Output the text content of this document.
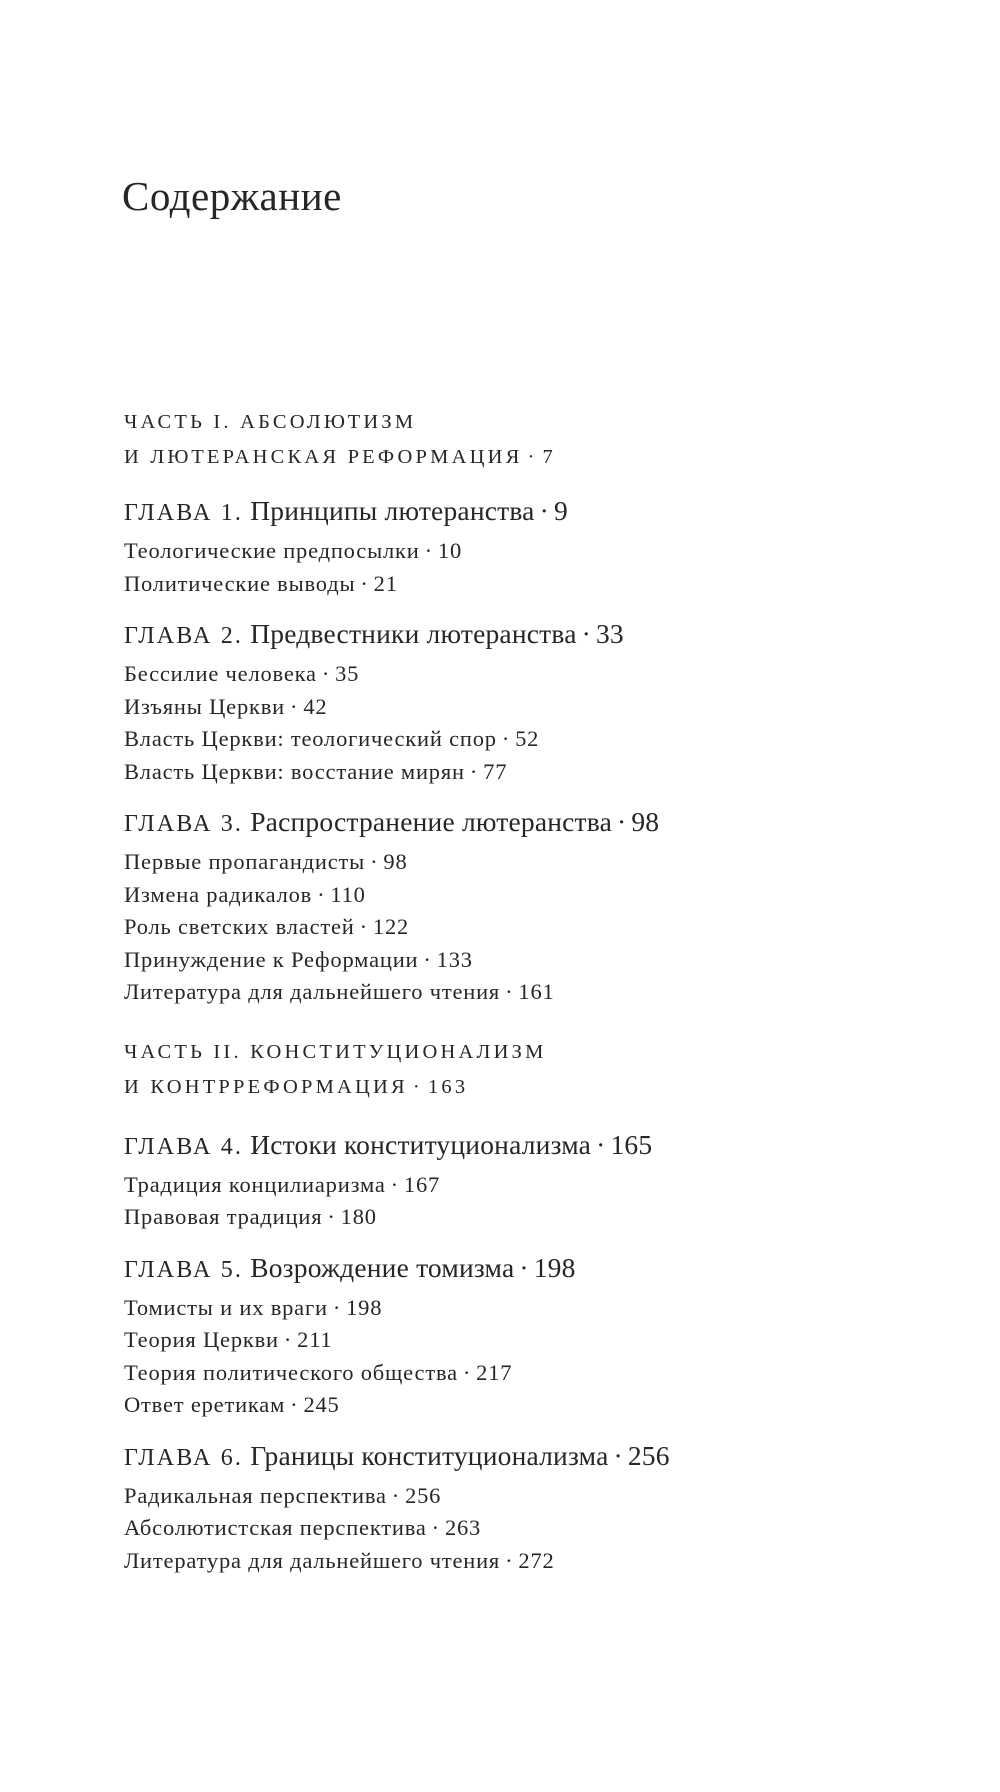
Содержание
ЧАСТЬ I. АБСОЛЮТИЗМ
И ЛЮТЕРАНСКАЯ РЕФОРМАЦИЯ · 7
ГЛАВА 1. Принципы лютеранства · 9
Теологические предпосылки · 10
Политические выводы · 21
ГЛАВА 2. Предвестники лютеранства · 33
Бессилие человека · 35
Изъяны Церкви · 42
Власть Церкви: теологический спор · 52
Власть Церкви: восстание мирян · 77
ГЛАВА 3. Распространение лютеранства · 98
Первые пропагандисты · 98
Измена радикалов · 110
Роль светских властей · 122
Принуждение к Реформации · 133
Литература для дальнейшего чтения · 161
ЧАСТЬ II. КОНСТИТУЦИОНАЛИЗМ
И КОНТРРЕФОРМАЦИЯ · 163
ГЛАВА 4. Истоки конституционализма · 165
Традиция концилиаризма · 167
Правовая традиция · 180
ГЛАВА 5. Возрождение томизма · 198
Томисты и их враги · 198
Теория Церкви · 211
Теория политического общества · 217
Ответ еретикам · 245
ГЛАВА 6. Границы конституционализма · 256
Радикальная перспектива · 256
Абсолютистская перспектива · 263
Литература для дальнейшего чтения · 272
